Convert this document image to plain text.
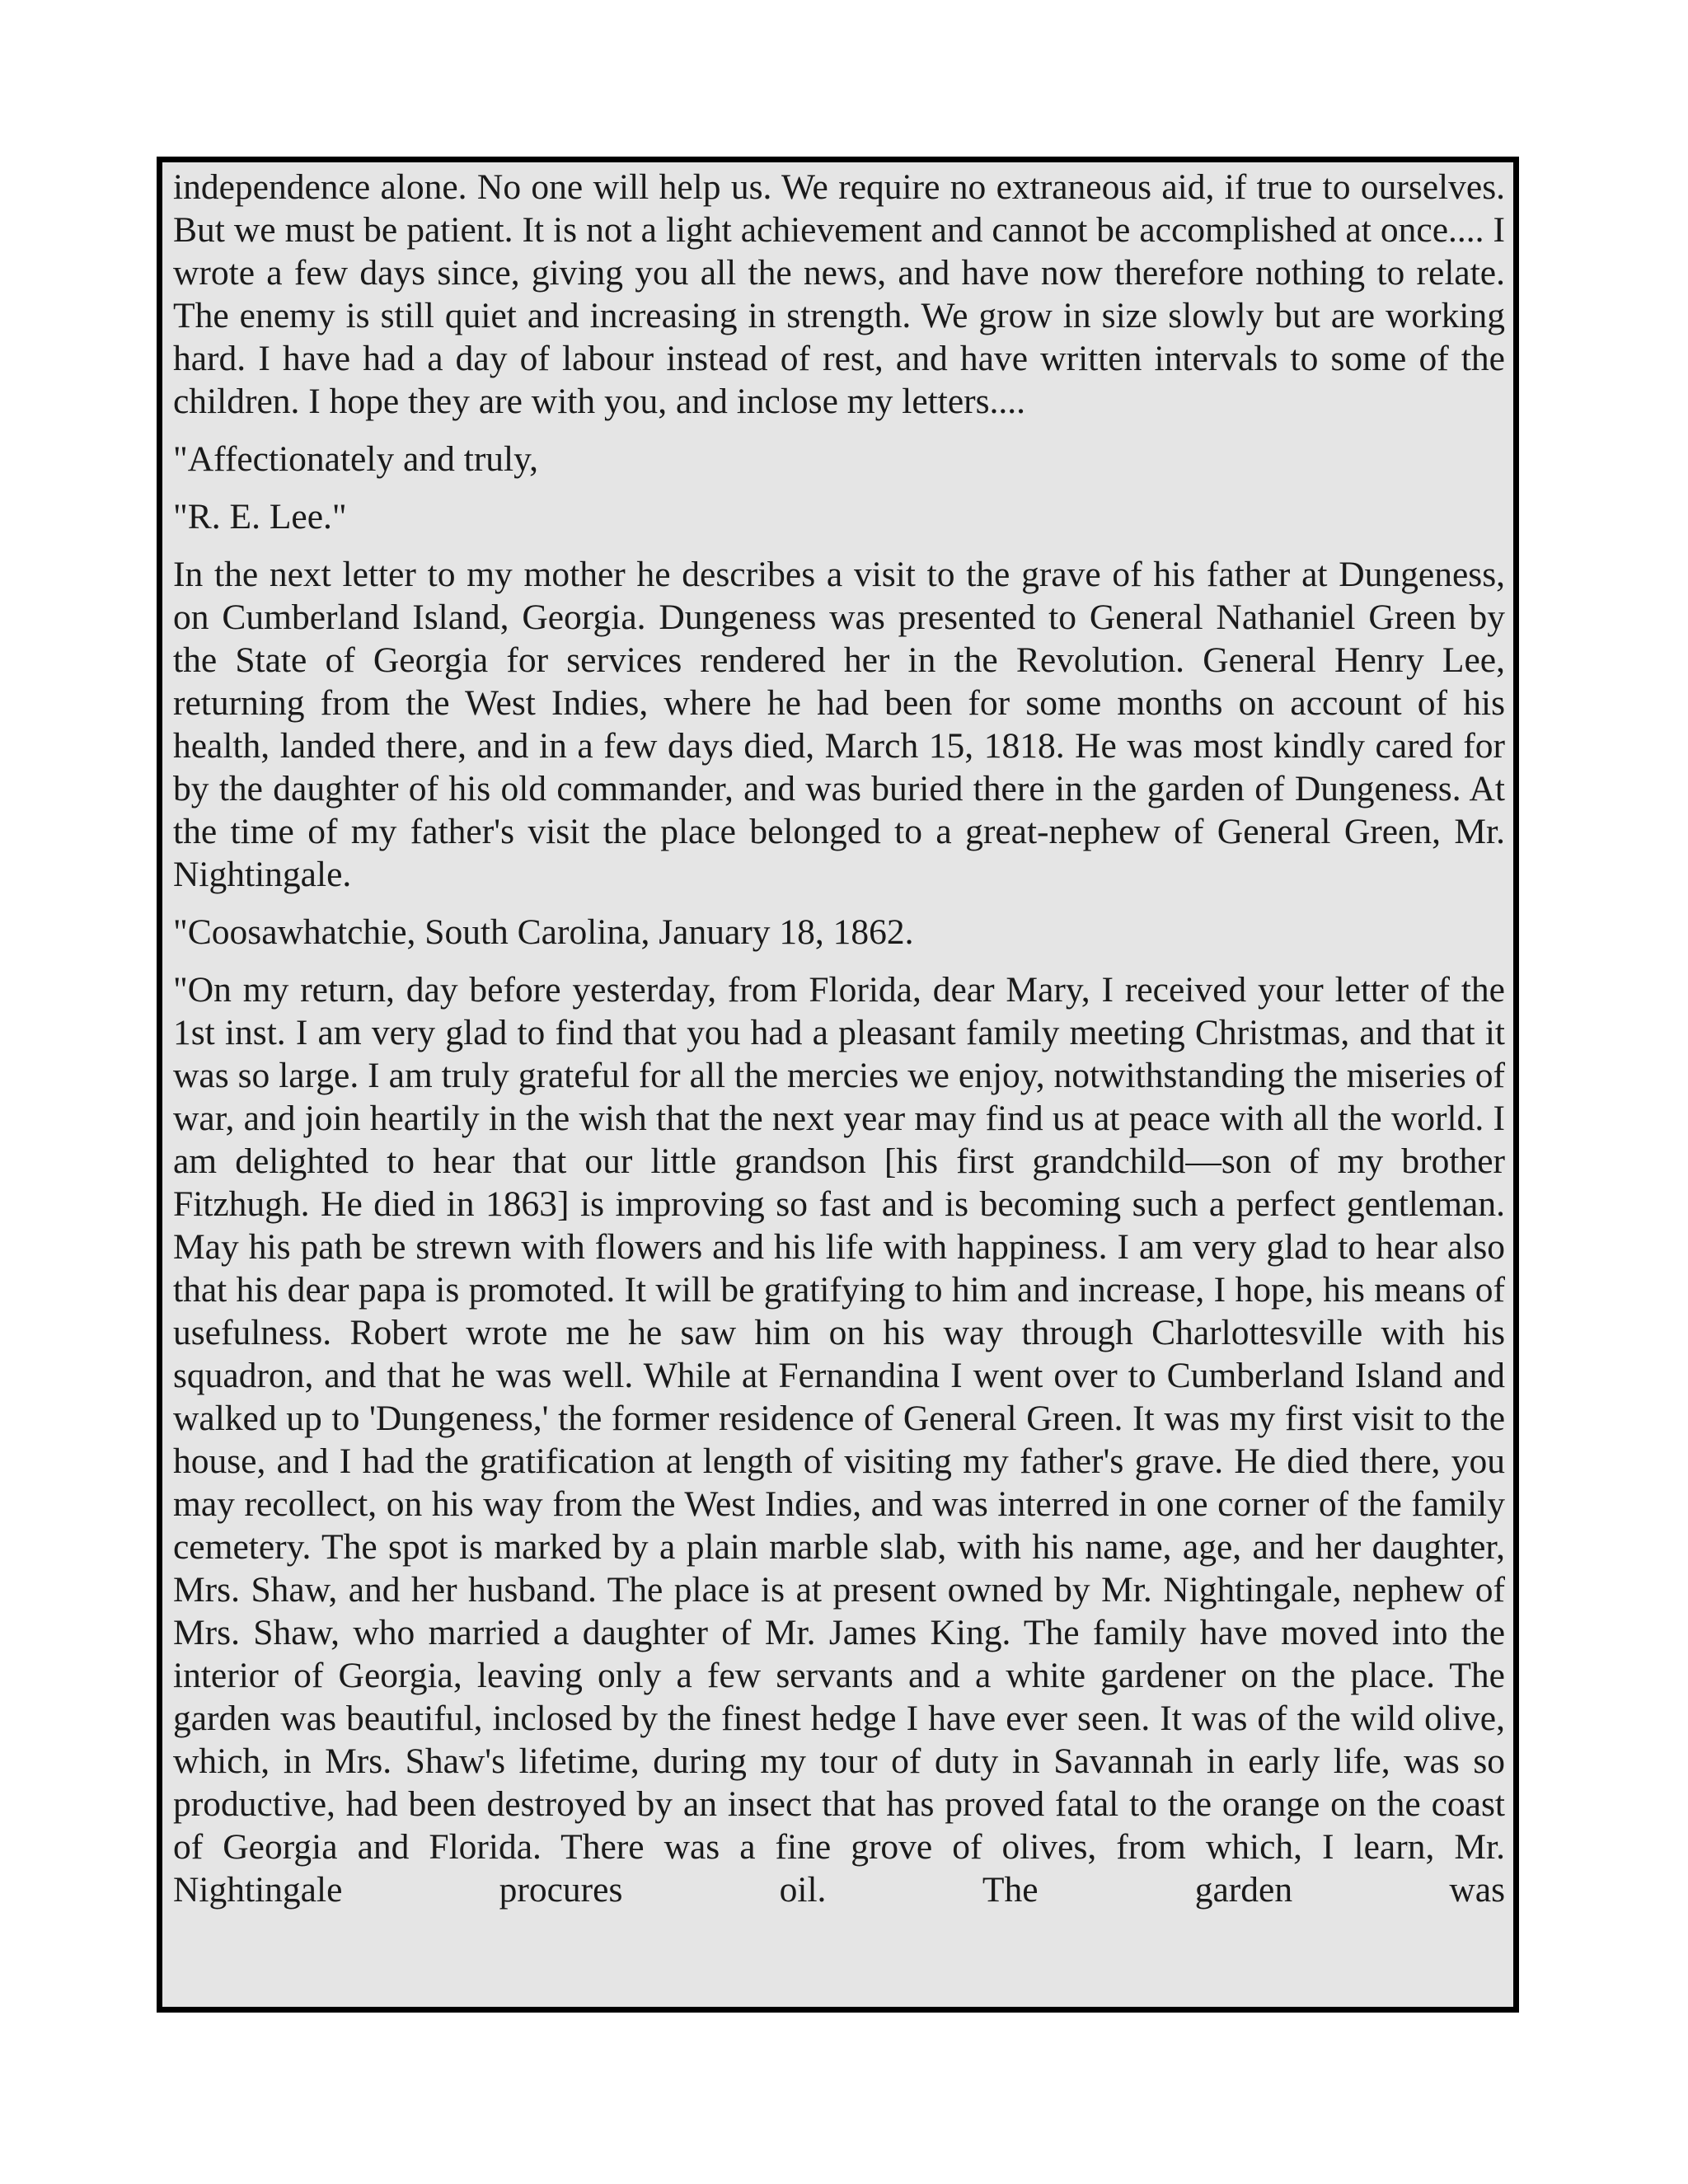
independence alone. No one will help us. We require no extraneous aid, if true to ourselves. But we must be patient. It is not a light achievement and cannot be accomplished at once.... I wrote a few days since, giving you all the news, and have now therefore nothing to relate. The enemy is still quiet and increasing in strength. We grow in size slowly but are working hard. I have had a day of labour instead of rest, and have written intervals to some of the children. I hope they are with you, and inclose my letters....

"Affectionately and truly,

"R. E. Lee."

In the next letter to my mother he describes a visit to the grave of his father at Dungeness, on Cumberland Island, Georgia. Dungeness was presented to General Nathaniel Green by the State of Georgia for services rendered her in the Revolution. General Henry Lee, returning from the West Indies, where he had been for some months on account of his health, landed there, and in a few days died, March 15, 1818. He was most kindly cared for by the daughter of his old commander, and was buried there in the garden of Dungeness. At the time of my father's visit the place belonged to a great-nephew of General Green, Mr. Nightingale.

"Coosawhatchie, South Carolina, January 18, 1862.

"On my return, day before yesterday, from Florida, dear Mary, I received your letter of the 1st inst. I am very glad to find that you had a pleasant family meeting Christmas, and that it was so large. I am truly grateful for all the mercies we enjoy, notwithstanding the miseries of war, and join heartily in the wish that the next year may find us at peace with all the world. I am delighted to hear that our little grandson [his first grandchild—son of my brother Fitzhugh. He died in 1863] is improving so fast and is becoming such a perfect gentleman. May his path be strewn with flowers and his life with happiness. I am very glad to hear also that his dear papa is promoted. It will be gratifying to him and increase, I hope, his means of usefulness. Robert wrote me he saw him on his way through Charlottesville with his squadron, and that he was well. While at Fernandina I went over to Cumberland Island and walked up to 'Dungeness,' the former residence of General Green. It was my first visit to the house, and I had the gratification at length of visiting my father's grave. He died there, you may recollect, on his way from the West Indies, and was interred in one corner of the family cemetery. The spot is marked by a plain marble slab, with his name, age, and her daughter, Mrs. Shaw, and her husband. The place is at present owned by Mr. Nightingale, nephew of Mrs. Shaw, who married a daughter of Mr. James King. The family have moved into the interior of Georgia, leaving only a few servants and a white gardener on the place. The garden was beautiful, inclosed by the finest hedge I have ever seen. It was of the wild olive, which, in Mrs. Shaw's lifetime, during my tour of duty in Savannah in early life, was so productive, had been destroyed by an insect that has proved fatal to the orange on the coast of Georgia and Florida. There was a fine grove of olives, from which, I learn, Mr. Nightingale procures oil. The garden was
